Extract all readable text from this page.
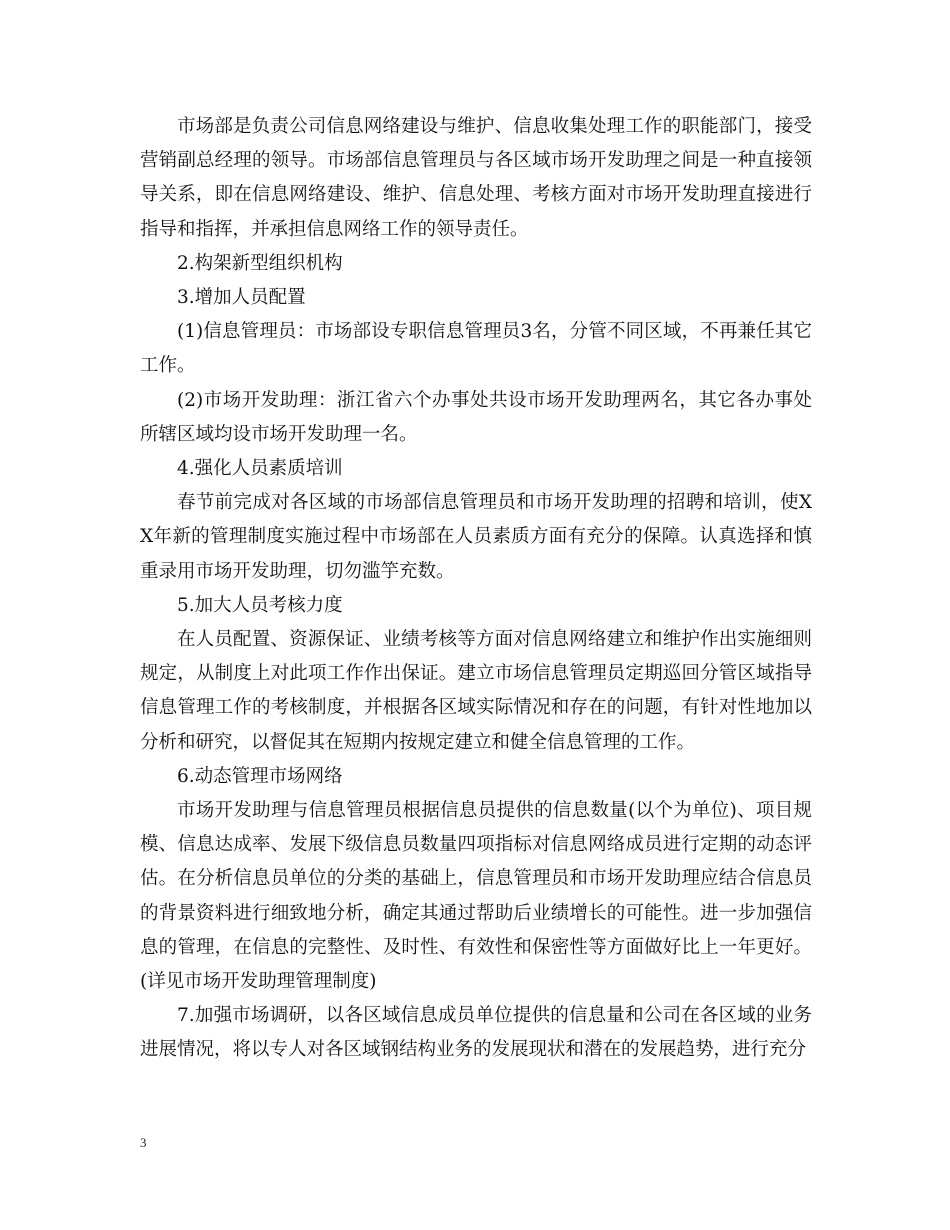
市场部是负责公司信息网络建设与维护、信息收集处理工作的职能部门，接受营销副总经理的领导。市场部信息管理员与各区域市场开发助理之间是一种直接领导关系，即在信息网络建设、维护、信息处理、考核方面对市场开发助理直接进行指导和指挥，并承担信息网络工作的领导责任。

2.构架新型组织机构

3.增加人员配置

(1)信息管理员：市场部设专职信息管理员3名，分管不同区域，不再兼任其它工作。

(2)市场开发助理：浙江省六个办事处共设市场开发助理两名，其它各办事处所辖区域均设市场开发助理一名。

4.强化人员素质培训

春节前完成对各区域的市场部信息管理员和市场开发助理的招聘和培训，使XX年新的管理制度实施过程中市场部在人员素质方面有充分的保障。认真选择和慎重录用市场开发助理，切勿滥竽充数。

5.加大人员考核力度

在人员配置、资源保证、业绩考核等方面对信息网络建立和维护作出实施细则规定，从制度上对此项工作作出保证。建立市场信息管理员定期巡回分管区域指导信息管理工作的考核制度，并根据各区域实际情况和存在的问题，有针对性地加以分析和研究，以督促其在短期内按规定建立和健全信息管理的工作。

6.动态管理市场网络

市场开发助理与信息管理员根据信息员提供的信息数量(以个为单位)、项目规模、信息达成率、发展下级信息员数量四项指标对信息网络成员进行定期的动态评估。在分析信息员单位的分类的基础上，信息管理员和市场开发助理应结合信息员的背景资料进行细致地分析，确定其通过帮助后业绩增长的可能性。进一步加强信息的管理，在信息的完整性、及时性、有效性和保密性等方面做好比上一年更好。(详见市场开发助理管理制度)

7.加强市场调研，以各区域信息成员单位提供的信息量和公司在各区域的业务进展情况，将以专人对各区域钢结构业务的发展现状和潜在的发展趋势，进行充分

3
